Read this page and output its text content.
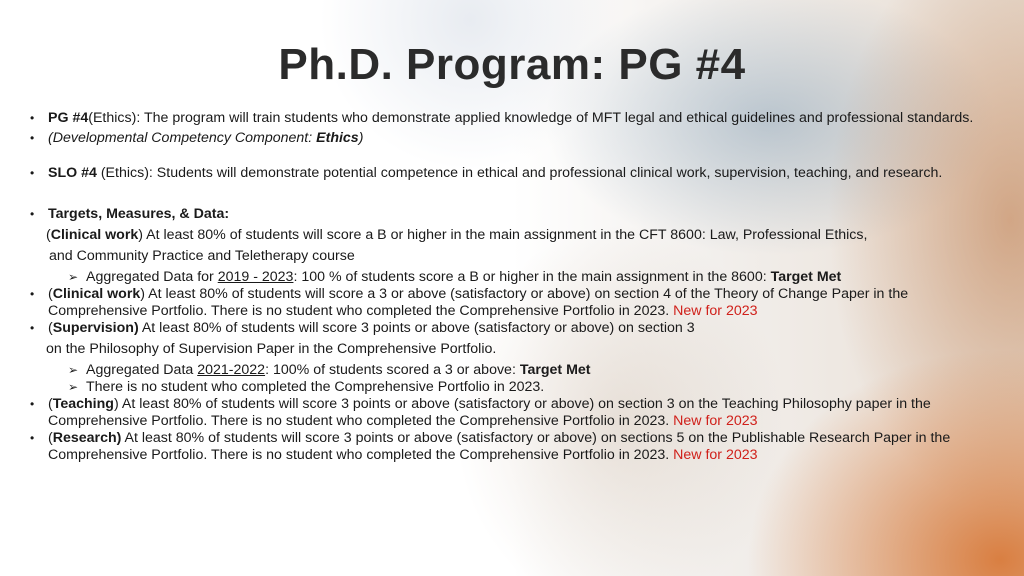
Ph.D. Program: PG #4
• PG #4(Ethics): The program will train students who demonstrate applied knowledge of MFT legal and ethical guidelines and professional standards.
• (Developmental Competency Component: Ethics)
• SLO #4 (Ethics): Students will demonstrate potential competence in ethical and professional clinical work, supervision, teaching, and research.
• Targets, Measures, & Data:
(Clinical work) At least 80% of students will score a B or higher in the main assignment in the CFT 8600: Law, Professional Ethics,
and Community Practice and Teletherapy course
➢ Aggregated Data for 2019 - 2023: 100 % of students score a B or higher in the main assignment in the 8600: Target Met
• (Clinical work) At least 80% of students will score a 3 or above (satisfactory or above) on section 4 of the Theory of Change Paper in the Comprehensive Portfolio. There is no student who completed the Comprehensive Portfolio in 2023. New for 2023
• (Supervision) At least 80% of students will score 3 points or above (satisfactory or above) on section 3
on the Philosophy of Supervision Paper in the Comprehensive Portfolio.
➢ Aggregated Data 2021-2022: 100% of students scored a 3 or above: Target Met
➢ There is no student who completed the Comprehensive Portfolio in 2023.
• (Teaching) At least 80% of students will score 3 points or above (satisfactory or above) on section 3 on the Teaching Philosophy paper in the Comprehensive Portfolio. There is no student who completed the Comprehensive Portfolio in 2023. New for 2023
• (Research) At least 80% of students will score 3 points or above (satisfactory or above) on sections 5 on the Publishable Research Paper in the Comprehensive Portfolio. There is no student who completed the Comprehensive Portfolio in 2023. New for 2023
